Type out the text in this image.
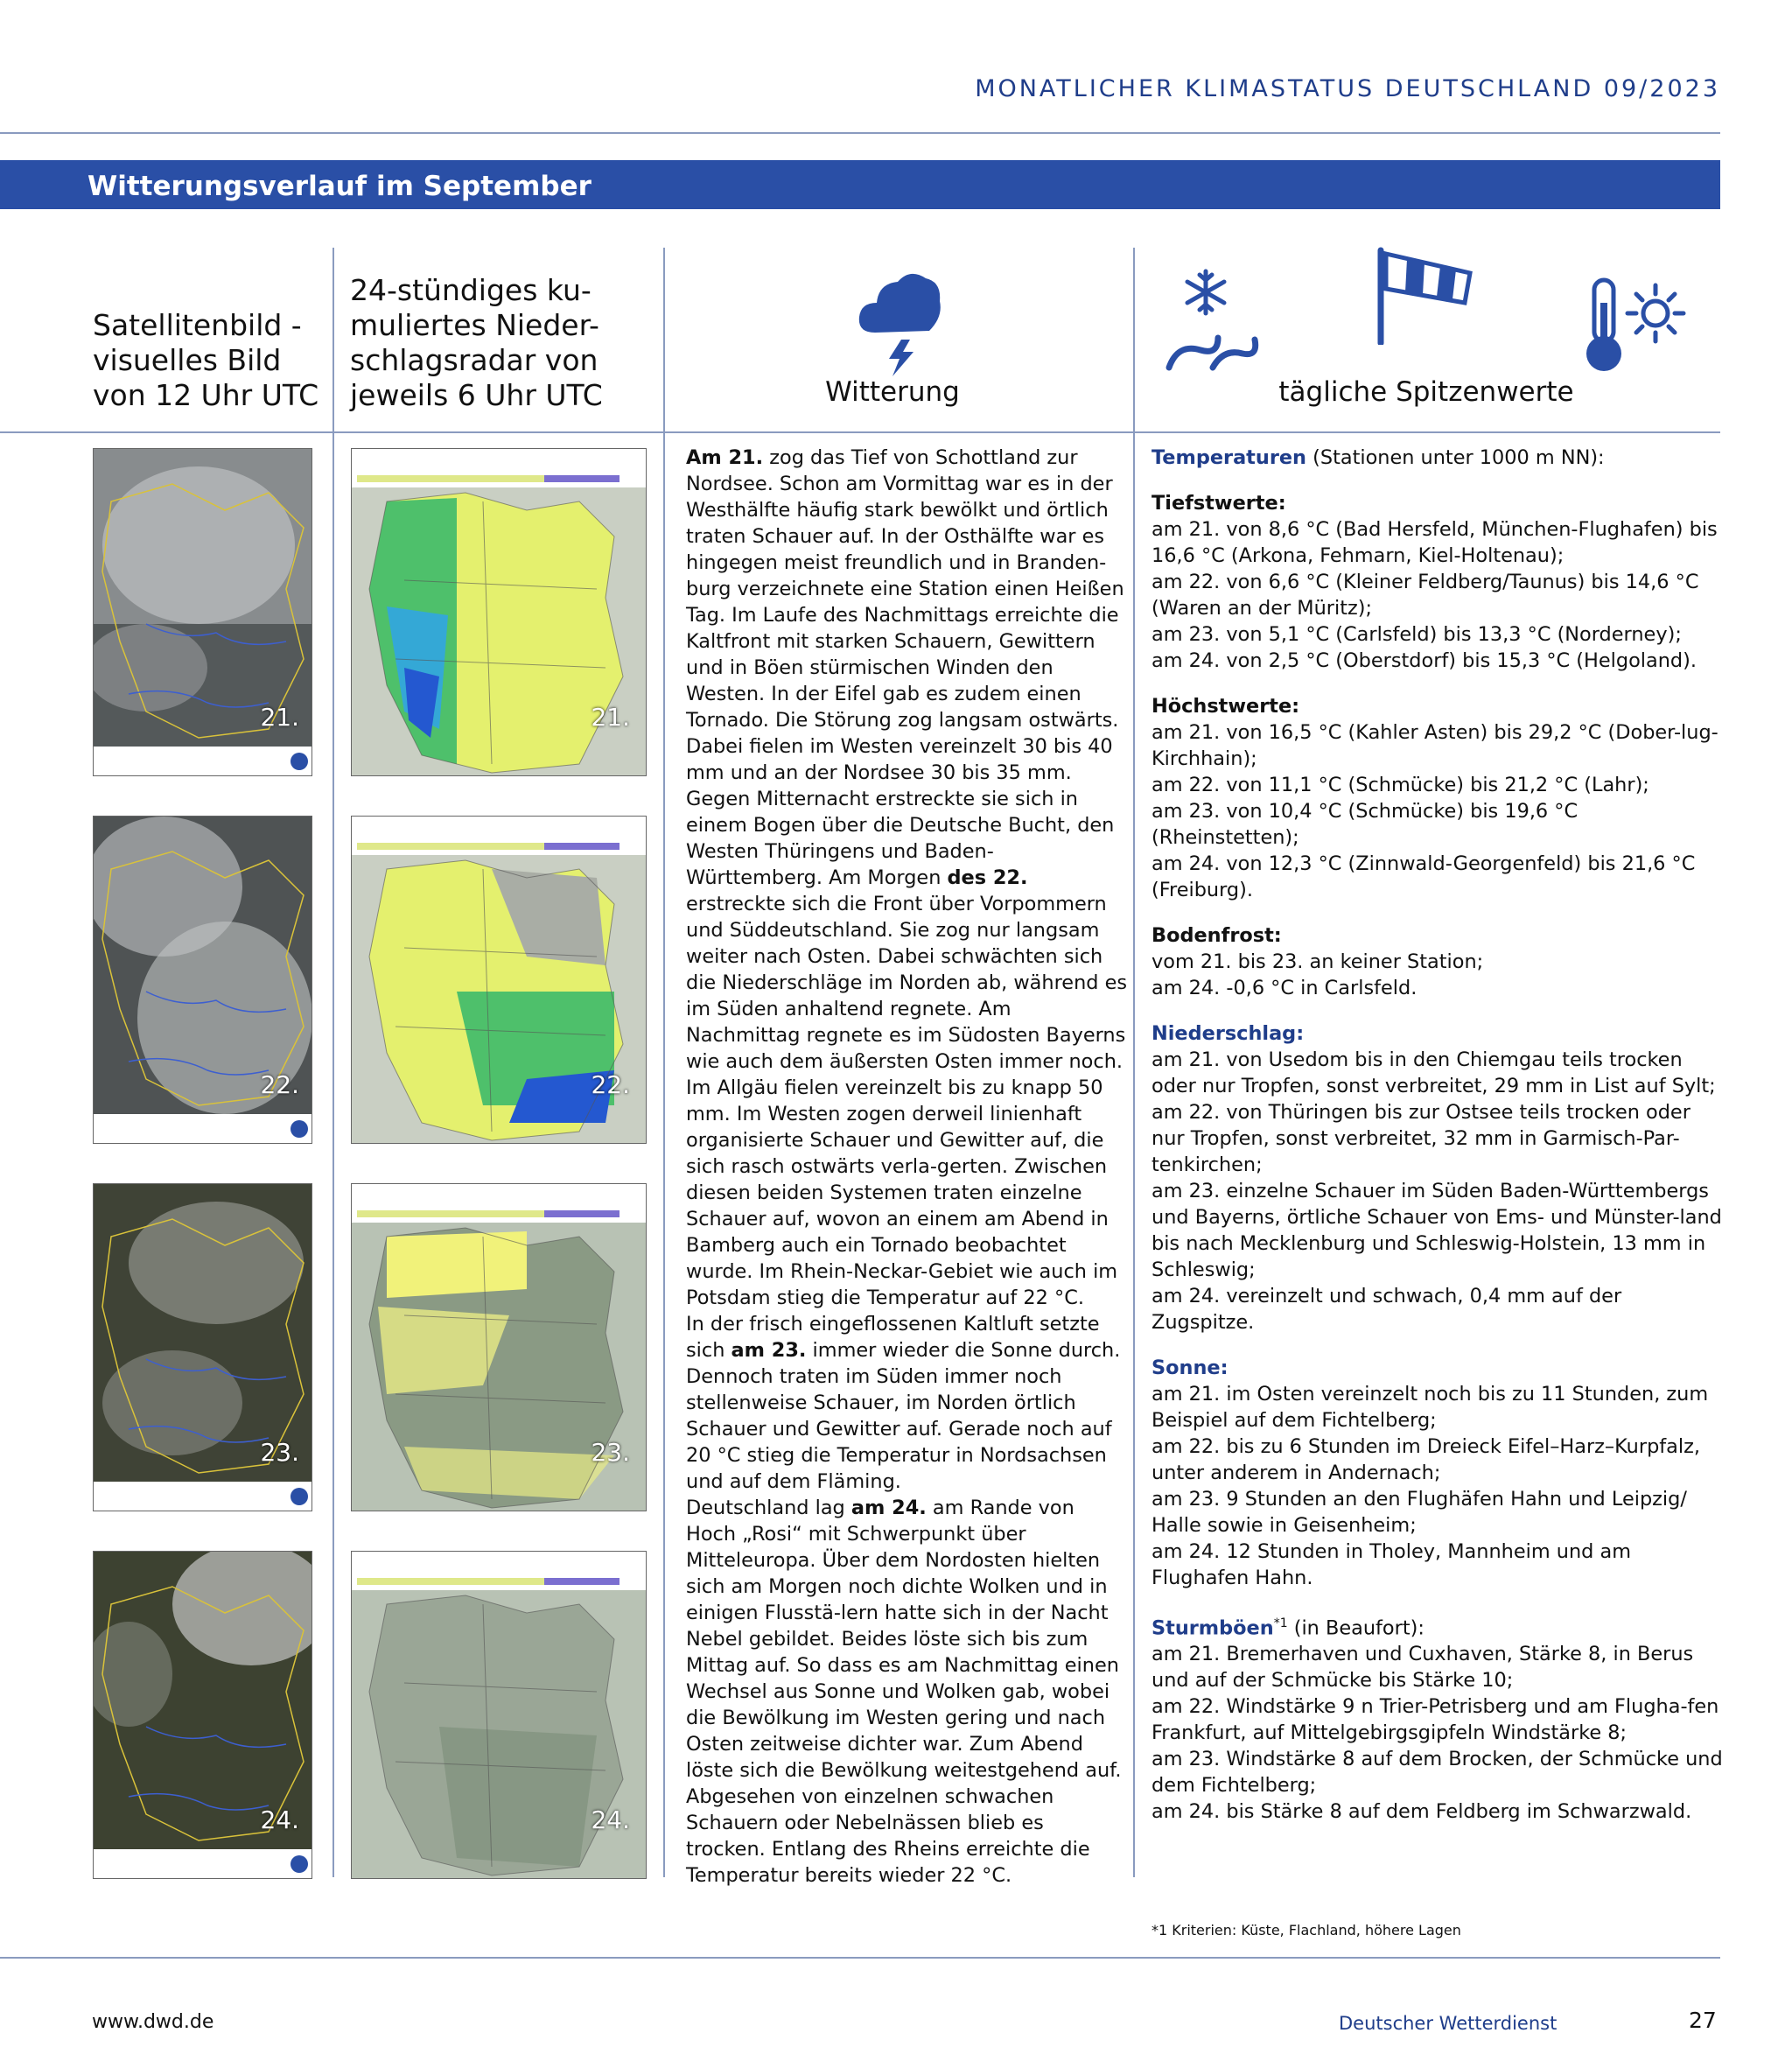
MONATLICHER KLIMASTATUS DEUTSCHLAND 09/2023
Witterungsverlauf im September
Satellitenbild -
visuelles Bild
von 12 Uhr UTC
24-stündiges ku-
muliertes Nieder-
schlagsradar von
jeweils 6 Uhr UTC	Witterung	tägliche Spitzenwerte
21.
22.
23.
24.
21.
22.
23.
24.

Am 21. zog das Tief von Schottland zur Nordsee. Schon am Vormittag war es in der Westhälfte häufig stark bewölkt und örtlich traten Schauer auf. In der Osthälfte war es hingegen meist freundlich und in Branden-burg verzeichnete eine Station einen Heißen Tag. Im Laufe des Nachmittags erreichte die Kaltfront mit starken Schauern, Gewittern und in Böen stürmischen Winden den Westen. In der Eifel gab es zudem einen Tornado. Die Störung zog langsam ostwärts. Dabei fielen im Westen vereinzelt 30 bis 40 mm und an der Nordsee 30 bis 35 mm. Gegen Mitternacht erstreckte sie sich in einem Bogen über die Deutsche Bucht, den Westen Thüringens und Baden-Württemberg. Am Morgen des 22. erstreckte sich die Front über Vorpommern und Süddeutschland. Sie zog nur langsam weiter nach Osten. Dabei schwächten sich die Niederschläge im Norden ab, während es im Süden anhaltend regnete. Am Nachmittag regnete es im Südosten Bayerns wie auch dem äußersten Osten immer noch. Im Allgäu fielen vereinzelt bis zu knapp 50 mm. Im Westen zogen derweil linienhaft organisierte Schauer und Gewitter auf, die sich rasch ostwärts verla-gerten. Zwischen diesen beiden Systemen traten einzelne Schauer auf, wovon an einem am Abend in Bamberg auch ein Tornado beobachtet wurde. Im Rhein-Neckar-Gebiet wie auch im Potsdam stieg die Temperatur auf 22 °C.

In der frisch eingeflossenen Kaltluft setzte sich am 23. immer wieder die Sonne durch. Dennoch traten im Süden immer noch stellenweise Schauer, im Norden örtlich Schauer und Gewitter auf. Gerade noch auf 20 °C stieg die Temperatur in Nordsachsen und auf dem Fläming.

Deutschland lag am 24. am Rande von Hoch „Rosi“ mit Schwerpunkt über Mitteleuropa. Über dem Nordosten hielten sich am Morgen noch dichte Wolken und in einigen Flusstä-lern hatte sich in der Nacht Nebel gebildet. Beides löste sich bis zum Mittag auf. So dass es am Nachmittag einen Wechsel aus Sonne und Wolken gab, wobei die Bewölkung im Westen gering und nach Osten zeitweise dichter war. Zum Abend löste sich die Bewölkung weitestgehend auf. Abgesehen von einzelnen schwachen Schauern oder Nebelnässen blieb es trocken. Entlang des Rheins erreichte die Temperatur bereits wieder 22 °C.

Temperaturen (Stationen unter 1000 m NN):
Tiefstwerte:
am 21. von 8,6 °C (Bad Hersfeld, München-Flughafen) bis 16,6 °C (Arkona, Fehmarn, Kiel-Holtenau);
am 22. von 6,6 °C (Kleiner Feldberg/Taunus) bis 14,6 °C (Waren an der Müritz);
am 23. von 5,1 °C (Carlsfeld) bis 13,3 °C (Norderney);
am 24. von 2,5 °C (Oberstdorf) bis 15,3 °C (Helgoland).
Höchstwerte:
am 21. von 16,5 °C (Kahler Asten) bis 29,2 °C (Dober-lug-Kirchhain);
am 22. von 11,1 °C (Schmücke) bis 21,2 °C (Lahr);
am 23. von 10,4 °C (Schmücke) bis 19,6 °C (Rheinstetten);
am 24. von 12,3 °C (Zinnwald-Georgenfeld) bis 21,6 °C (Freiburg).
Bodenfrost:
vom 21. bis 23. an keiner Station;
am 24. -0,6 °C in Carlsfeld.
Niederschlag:
am 21. von Usedom bis in den Chiemgau teils trocken oder nur Tropfen, sonst verbreitet, 29 mm in List auf Sylt;
am 22. von Thüringen bis zur Ostsee teils trocken oder nur Tropfen, sonst verbreitet, 32 mm in Garmisch-Par-tenkirchen;
am 23. einzelne Schauer im Süden Baden-Württembergs und Bayerns, örtliche Schauer von Ems- und Münster-land bis nach Mecklenburg und Schleswig-Holstein, 13 mm in Schleswig;
am 24. vereinzelt und schwach, 0,4 mm auf der Zugspitze.
Sonne:
am 21. im Osten vereinzelt noch bis zu 11 Stunden, zum Beispiel auf dem Fichtelberg;
am 22. bis zu 6 Stunden im Dreieck Eifel–Harz–Kurpfalz, unter anderem in Andernach;
am 23. 9 Stunden an den Flughäfen Hahn und Leipzig/ Halle sowie in Geisenheim;
am 24. 12 Stunden in Tholey, Mannheim und am Flughafen Hahn.
Sturmböen$^{*1}$ (in Beaufort):
am 21. Bremerhaven und Cuxhaven, Stärke 8, in Berus und auf der Schmücke bis Stärke 10;
am 22. Windstärke 9 n Trier-Petrisberg und am Flugha-fen Frankfurt, auf Mittelgebirgsgipfeln Windstärke 8;
am 23. Windstärke 8 auf dem Brocken, der Schmücke und dem Fichtelberg;
am 24. bis Stärke 8 auf dem Feldberg im Schwarzwald.
*1 Kriterien: Küste, Flachland, höhere Lagen
www.dwd.de	Deutscher Wetterdienst	27
